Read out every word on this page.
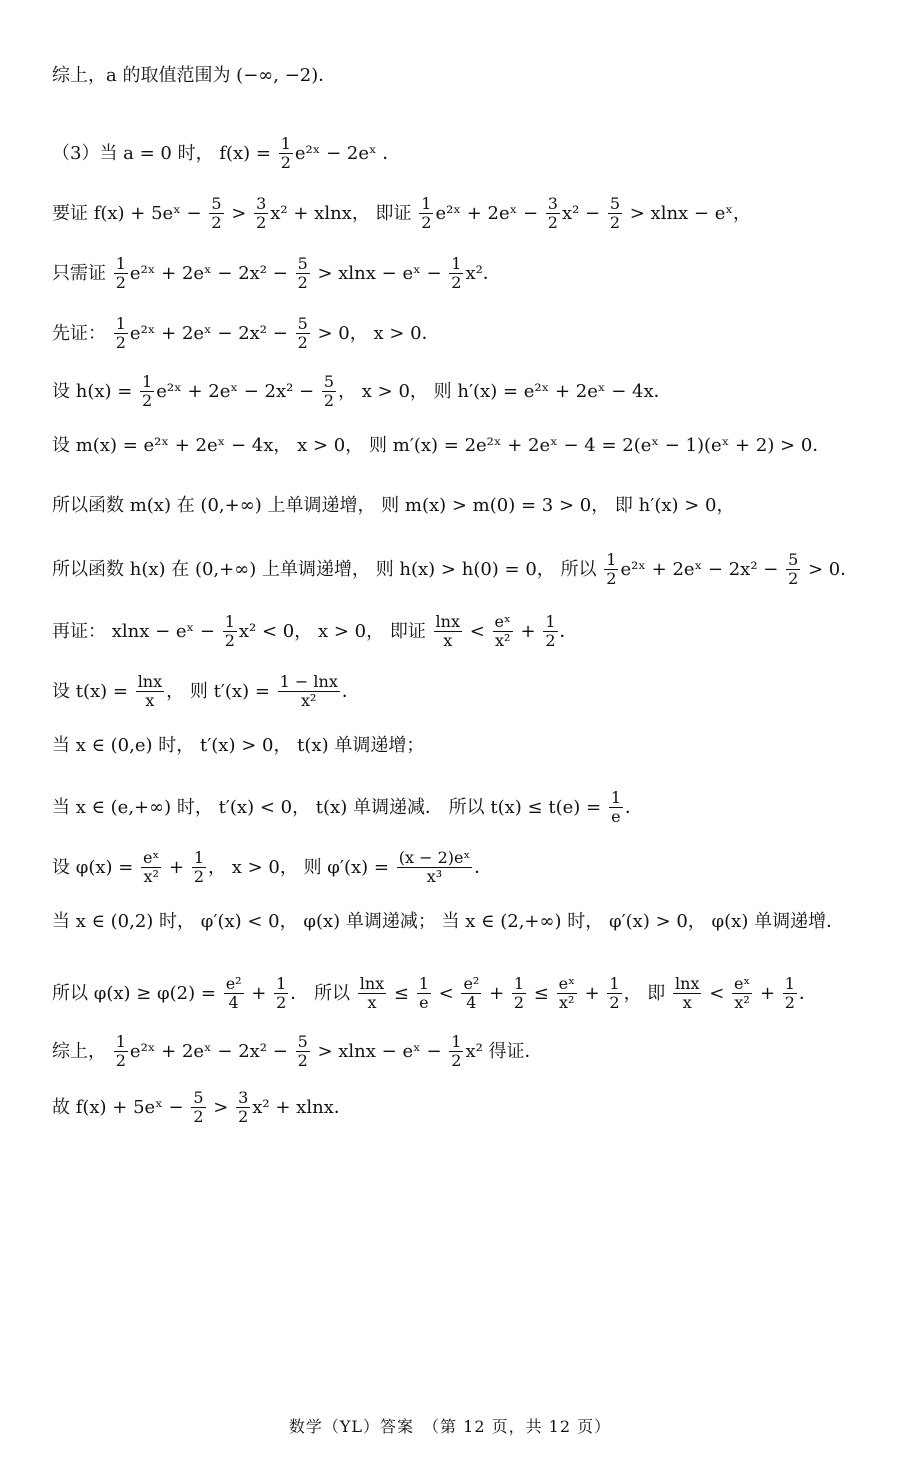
综上，a 的取值范围为 (−∞, −2)．
（3）当 a = 0 时， $f(x) = \frac{1}{2}$ e²ˣ − 2eˣ ．
要证 f(x) + 5eˣ − $\frac{5}{2} > \frac{3}{2} x^2 + xlnx$， 即证 $\frac{1}{2}$ e²ˣ + 2eˣ − $\frac{3}{2} x^2 - \frac{5}{2} > xlnx$ − eˣ，
只需证 $\frac{1}{2}$ e²ˣ + 2eˣ − $2x^2 - \frac{5}{2} > xlnx$ − eˣ − $\frac{1}{2} x^2$．
先证： $\frac{1}{2}$ e²ˣ + 2eˣ − $2x^2 - \frac{5}{2} > 0$， x > 0．
设 $h(x) = \frac{1}{2}$ e²ˣ + 2eˣ − $2x^2 - \frac{5}{2}$ ， x > 0， 则 h′(x) = e²ˣ + 2eˣ − 4x．
设 m(x) = e²ˣ + 2eˣ − 4x， x > 0， 则 m′(x) = 2e²ˣ + 2eˣ − 4 = 2(eˣ − 1)(eˣ + 2) > 0．
所以函数 m(x) 在 (0,+∞) 上单调递增， 则 m(x) > m(0) = 3 > 0， 即 h′(x) > 0，
所以函数 h(x) 在 (0,+∞) 上单调递增， 则 h(x) > h(0) = 0， 所以 $\frac{1}{2}$ e²ˣ + 2eˣ − $2x^2 - \frac{5}{2} > 0$．
再证： xlnx − eˣ − $\frac{1}{2} x^2 < 0$， x > 0， 即证 $\frac{\ln x}{x} < \frac{\text{eˣ}}{\text{x²}} + \frac{1}{2}$ ．
设 $t(x) = \frac{\ln x}{x}$ ， 则 $t'(x) = \frac{1 - \ln x}{\text{x²}}$ ．
当 x ∈ (0,e) 时， t′(x) > 0， t(x) 单调递增；
当 x ∈ (e,+∞) 时， t′(x) < 0， t(x) 单调递减． 所以 $t(x) \le t(e) = \frac{1}{e}$ ．
设 $\varphi(x) = \frac{\text{eˣ}}{\text{x²}} + \frac{1}{2}$ ， x > 0， 则 $\varphi'(x) = \frac{\text{(x − 2)eˣ}}{\text{x³}}$ ．
当 x ∈ (0,2) 时， φ′(x) < 0， φ(x) 单调递减； 当 x ∈ (2,+∞) 时， φ′(x) > 0， φ(x) 单调递增．
所以 $\varphi(x) \ge \varphi(2) = \frac{\text{e²}}{4} + \frac{1}{2}$ ． 所以 $\frac{\ln x}{x} \le \frac{1}{e} < \frac{\text{e²}}{4} + \frac{1}{2} \le \frac{\text{eˣ}}{\text{x²}} + \frac{1}{2}$ ， 即 $\frac{\ln x}{x} < \frac{\text{eˣ}}{\text{x²}} + \frac{1}{2}$ ．
综上， $\frac{1}{2}$ e²ˣ + 2eˣ − $2x^2 - \frac{5}{2} > xlnx$ − eˣ − $\frac{1}{2} x^2$ 得证．
故 f(x) + 5eˣ − $\frac{5}{2} > \frac{3}{2} x^2 + xlnx$．
数学（YL）答案　（第 12 页，共 12 页）
